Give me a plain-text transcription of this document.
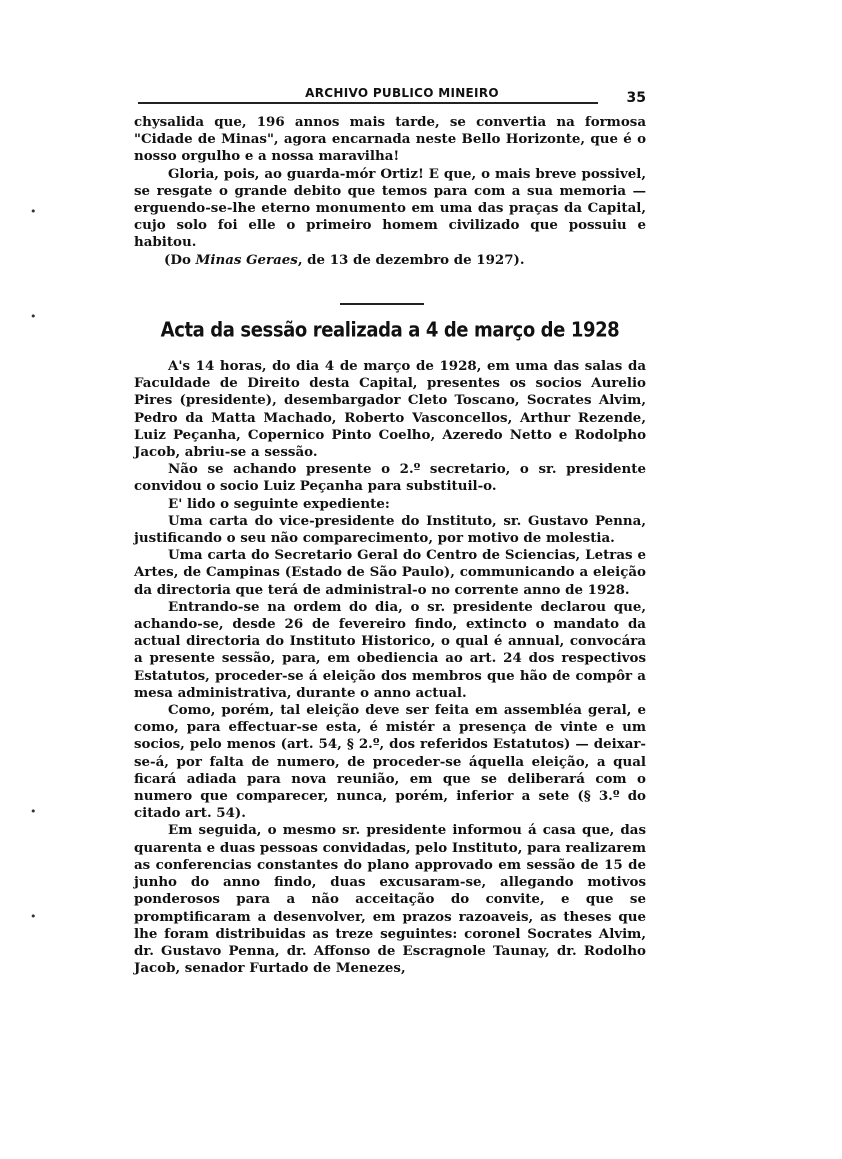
ARCHIVO PUBLICO MINEIRO	35

chysalida que, 196 annos mais tarde, se convertia na formosa "Cidade de Minas", agora encarnada neste Bello Horizonte, que é o nosso orgulho e a nossa maravilha!

Gloria, pois, ao guarda-mór Ortiz! E que, o mais breve possivel, se resgate o grande debito que temos para com a sua memoria — erguendo-se-lhe eterno monumento em uma das praças da Capital, cujo solo foi elle o primeiro homem civilizado que possuiu e habitou.

(Do Minas Geraes, de 13 de dezembro de 1927).

Acta da sessão realizada a 4 de março de 1928

A's 14 horas, do dia 4 de março de 1928, em uma das salas da Faculdade de Direito desta Capital, presentes os socios Aurelio Pires (presidente), desembargador Cleto Toscano, Socrates Alvim, Pedro da Matta Machado, Roberto Vasconcellos, Arthur Rezende, Luiz Peçanha, Copernico Pinto Coelho, Azeredo Netto e Rodolpho Jacob, abriu-se a sessão.

Não se achando presente o 2.º secretario, o sr. presidente convidou o socio Luiz Peçanha para substituil-o.

E' lido o seguinte expediente:

Uma carta do vice-presidente do Instituto, sr. Gustavo Penna, justificando o seu não comparecimento, por motivo de molestia.

Uma carta do Secretario Geral do Centro de Sciencias, Letras e Artes, de Campinas (Estado de São Paulo), communicando a eleição da directoria que terá de administral-o no corrente anno de 1928.

Entrando-se na ordem do dia, o sr. presidente declarou que, achando-se, desde 26 de fevereiro findo, extincto o mandato da actual directoria do Instituto Historico, o qual é annual, convocára a presente sessão, para, em obediencia ao art. 24 dos respectivos Estatutos, proceder-se á eleição dos membros que hão de compôr a mesa administrativa, durante o anno actual.

Como, porém, tal eleição deve ser feita em assembléa geral, e como, para effectuar-se esta, é mistér a presença de vinte e um socios, pelo menos (art. 54, § 2.º, dos referidos Estatutos) — deixar-se-á, por falta de numero, de proceder-se áquella eleição, a qual ficará adiada para nova reunião, em que se deliberará com o numero que comparecer, nunca, porém, inferior a sete (§ 3.º do citado art. 54).

Em seguida, o mesmo sr. presidente informou á casa que, das quarenta e duas pessoas convidadas, pelo Instituto, para realizarem as conferencias constantes do plano approvado em sessão de 15 de junho do anno findo, duas excusaram-se, allegando motivos ponderosos para a não acceitação do convite, e que se promptificaram a desenvolver, em prazos razoaveis, as theses que lhe foram distribuidas as treze seguintes: coronel Socrates Alvim, dr. Gustavo Penna, dr. Affonso de Escragnole Taunay, dr. Rodolho Jacob, senador Furtado de Menezes,

•
•
•
•
